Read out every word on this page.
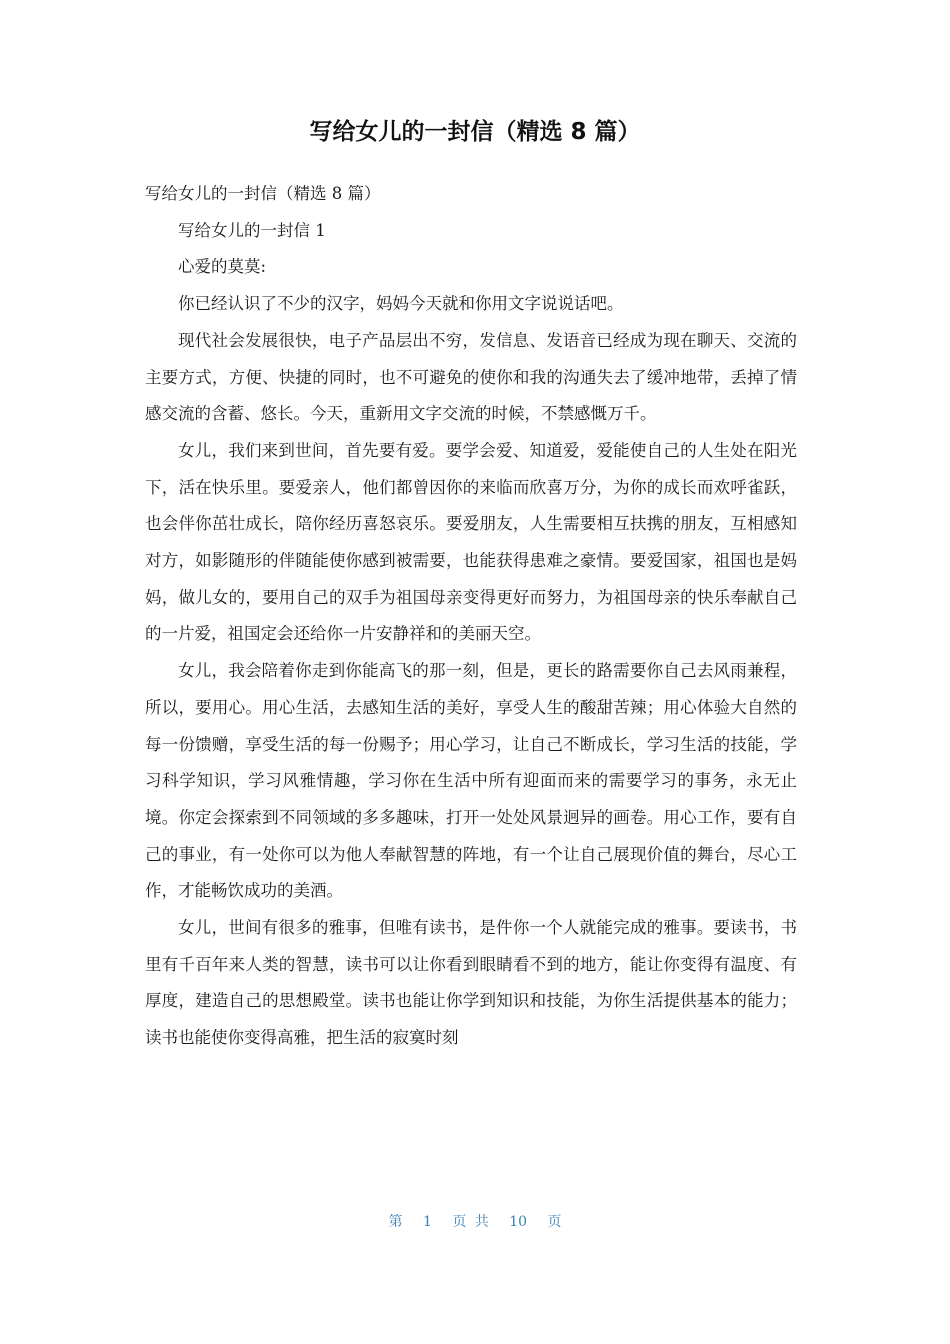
写给女儿的一封信（精选 8 篇）

写给女儿的一封信（精选 8 篇）

写给女儿的一封信 1

心爱的莫莫:

你已经认识了不少的汉字，妈妈今天就和你用文字说说话吧。

现代社会发展很快，电子产品层出不穷，发信息、发语音已经成为现在聊天、交流的主要方式，方便、快捷的同时，也不可避免的使你和我的沟通失去了缓冲地带，丢掉了情感交流的含蓄、悠长。今天，重新用文字交流的时候，不禁感慨万千。

女儿，我们来到世间，首先要有爱。要学会爱、知道爱，爱能使自己的人生处在阳光下，活在快乐里。要爱亲人，他们都曾因你的来临而欣喜万分，为你的成长而欢呼雀跃，也会伴你茁壮成长，陪你经历喜怒哀乐。要爱朋友，人生需要相互扶携的朋友，互相感知对方，如影随形的伴随能使你感到被需要，也能获得患难之豪情。要爱国家，祖国也是妈妈，做儿女的，要用自己的双手为祖国母亲变得更好而努力，为祖国母亲的快乐奉献自己的一片爱，祖国定会还给你一片安静祥和的美丽天空。

女儿，我会陪着你走到你能高飞的那一刻，但是，更长的路需要你自己去风雨兼程，所以，要用心。用心生活，去感知生活的美好，享受人生的酸甜苦辣；用心体验大自然的每一份馈赠，享受生活的每一份赐予；用心学习，让自己不断成长，学习生活的技能，学习科学知识，学习风雅情趣，学习你在生活中所有迎面而来的需要学习的事务，永无止境。你定会探索到不同领域的多多趣味，打开一处处风景迥异的画卷。用心工作，要有自己的事业，有一处你可以为他人奉献智慧的阵地，有一个让自己展现价值的舞台，尽心工作，才能畅饮成功的美酒。

女儿，世间有很多的雅事，但唯有读书，是件你一个人就能完成的雅事。要读书，书里有千百年来人类的智慧，读书可以让你看到眼睛看不到的地方，能让你变得有温度、有厚度，建造自己的思想殿堂。读书也能让你学到知识和技能，为你生活提供基本的能力；读书也能使你变得高雅，把生活的寂寞时刻

第 1 页 共 10 页
